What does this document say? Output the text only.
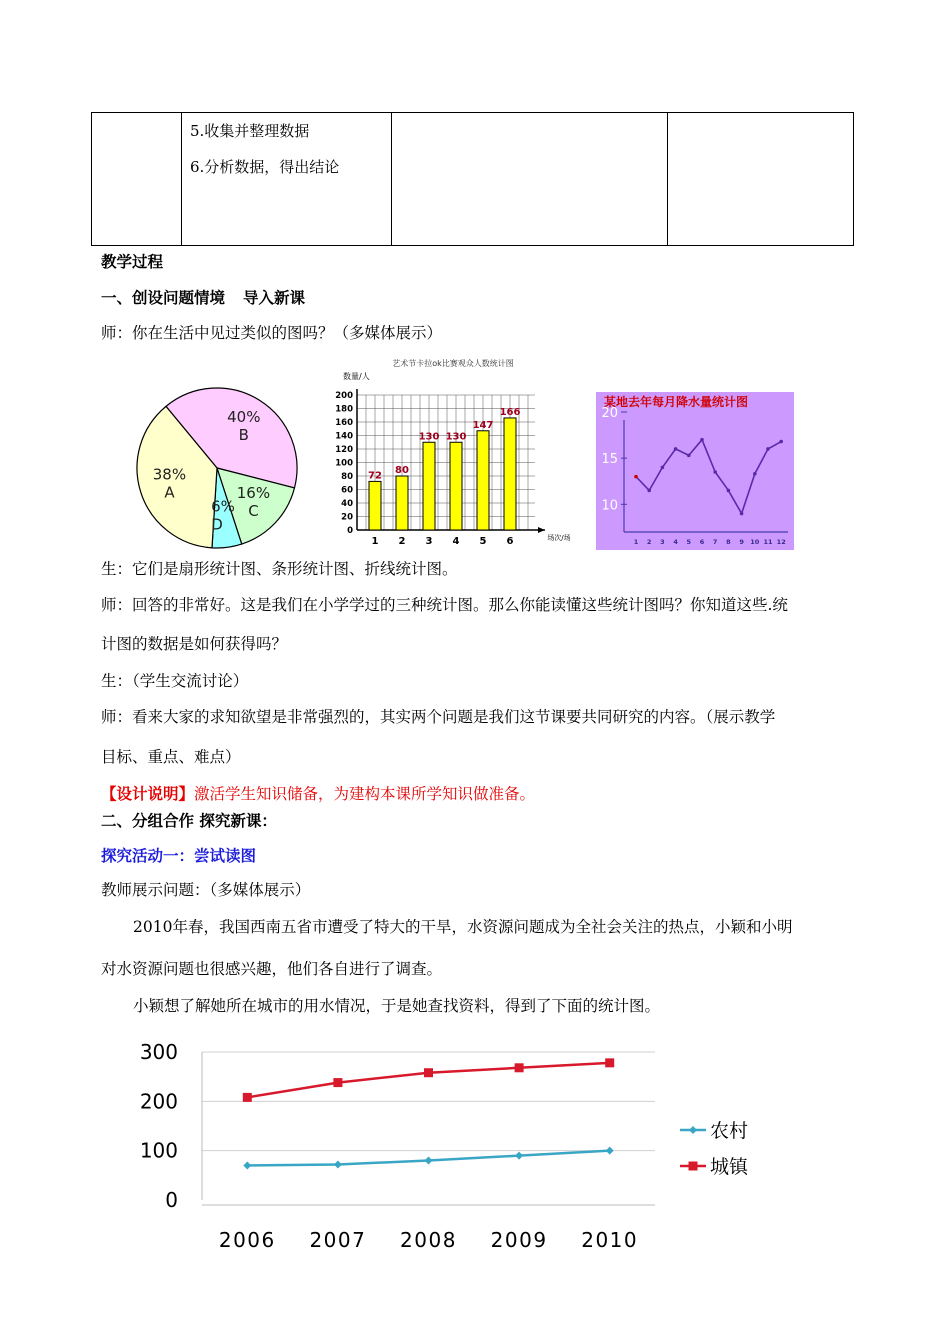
5.收集并整理数据
6.分析数据，得出结论

教学过程
一、创设问题情境 导入新课
师：你在生活中见过类似的图吗？（多媒体展示）
40%
B
16%
C
6%
D
38%
A
艺术节卡拉ok比赛观众人数统计图
数量/人
0
20
40
60
80
100
120
140
160
180
200
场次/场
72
1
80
2
130
3
130
4
147
5
166
6
某地去年每月降水量统计图
10
15
20
1 2 3 4 5 6 7 8 9 10 11 12
生：它们是扇形统计图、条形统计图、折线统计图。
师：回答的非常好。这是我们在小学学过的三种统计图。那么你能读懂这些统计图吗？你知道这些.统
计图的数据是如何获得吗？
生：（学生交流讨论）
师：看来大家的求知欲望是非常强烈的，其实两个问题是我们这节课要共同研究的内容。（展示教学
目标、重点、难点）
【设计说明】激活学生知识储备，为建构本课所学知识做准备。
二、分组合作 探究新课：
探究活动一：尝试读图
教师展示问题：（多媒体展示）
2010年春，我国西南五省市遭受了特大的干旱，水资源问题成为全社会关注的热点，小颖和小明
对水资源问题也很感兴趣，他们各自进行了调查。
小颖想了解她所在城市的用水情况，于是她查找资料，得到了下面的统计图。
0
100
200
300
2006 2007 2008 2009 2010
农村
城镇
